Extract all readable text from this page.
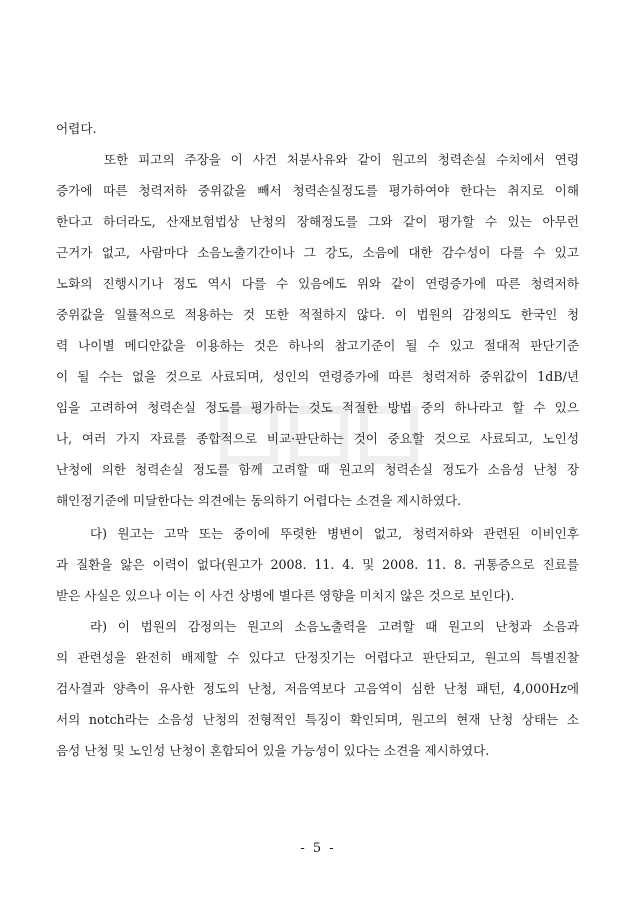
어렵다.
또한 피고의 주장을 이 사건 처분사유와 같이 원고의 청력손실 수치에서 연령
증가에 따른 청력저하 중위값을 빼서 청력손실정도를 평가하여야 한다는 취지로 이해
한다고 하더라도, 산재보험법상 난청의 장해정도를 그와 같이 평가할 수 있는 아무런
근거가 없고, 사람마다 소음노출기간이나 그 강도, 소음에 대한 감수성이 다를 수 있고
노화의 진행시기나 정도 역시 다를 수 있음에도 위와 같이 연령증가에 따른 청력저하
중위값을 일률적으로 적용하는 것 또한 적절하지 않다. 이 법원의 감정의도 한국인 청
력 나이별 메디안값을 이용하는 것은 하나의 참고기준이 될 수 있고 절대적 판단기준
이 될 수는 없을 것으로 사료되며, 성인의 연령증가에 따른 청력저하 중위값이 1dB/년
임을 고려하여 청력손실 정도를 평가하는 것도 적절한 방법 중의 하나라고 할 수 있으
나, 여러 가지 자료를 종합적으로 비교·판단하는 것이 중요할 것으로 사료되고, 노인성
난청에 의한 청력손실 정도를 함께 고려할 때 원고의 청력손실 정도가 소음성 난청 장
해인정기준에 미달한다는 의견에는 동의하기 어렵다는 소견을 제시하였다.
다) 원고는 고막 또는 중이에 뚜렷한 병변이 없고, 청력저하와 관련된 이비인후
과 질환을 앓은 이력이 없다(원고가 2008. 11. 4. 및 2008. 11. 8. 귀통증으로 진료를
받은 사실은 있으나 이는 이 사건 상병에 별다른 영향을 미치지 않은 것으로 보인다).
라) 이 법원의 감정의는 원고의 소음노출력을 고려할 때 원고의 난청과 소음과
의 관련성을 완전히 배제할 수 있다고 단정짓기는 어렵다고 판단되고, 원고의 특별진찰
검사결과 양측이 유사한 정도의 난청, 저음역보다 고음역이 심한 난청 패턴, 4,000Hz에
서의 notch라는 소음성 난청의 전형적인 특징이 확인되며, 원고의 현재 난청 상태는 소
음성 난청 및 노인성 난청이 혼합되어 있을 가능성이 있다는 소견을 제시하였다.
- 5 -
